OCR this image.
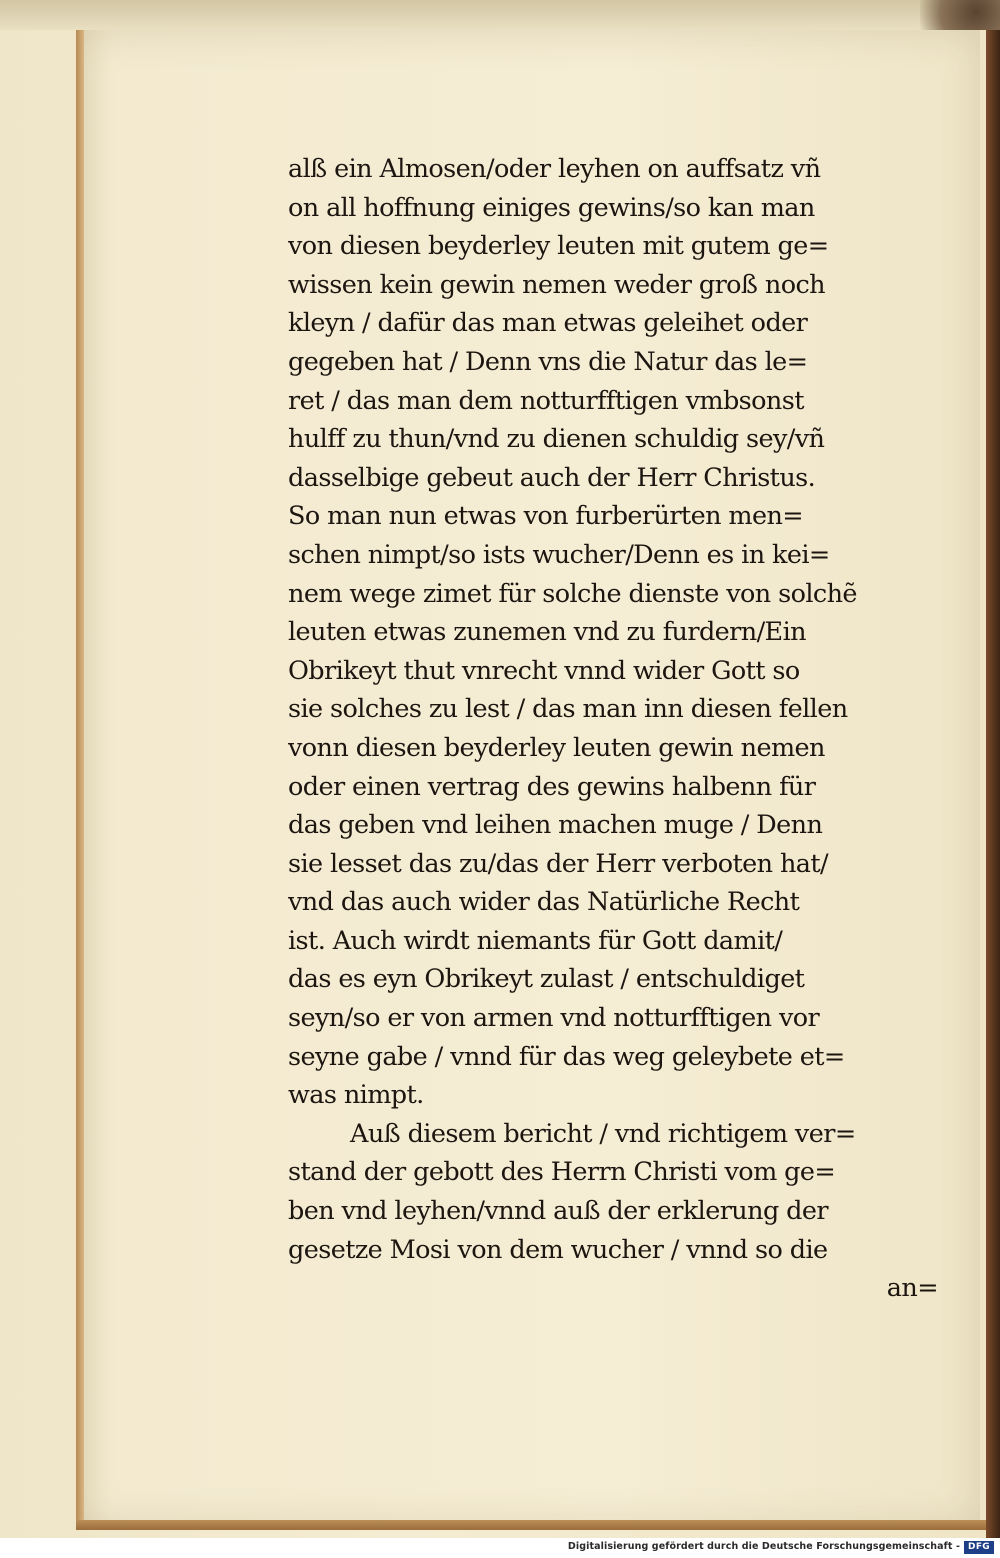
alß ein Almosen/oder leyhen on auffsatz vñ
on all hoffnung einiges gewins/so kan man
von diesen beyderley leuten mit gutem ge=
wissen kein gewin nemen weder groß noch
kleyn / dafür das man etwas geleihet oder
gegeben hat / Denn vns die Natur das le=
ret / das man dem notturfftigen vmbsonst
hulff zu thun/vnd zu dienen schuldig sey/vñ
dasselbige gebeut auch der Herr Christus.
So man nun etwas von furberürten men=
schen nimpt/so ists wucher/Denn es in kei=
nem wege zimet für solche dienste von solchẽ
leuten etwas zunemen vnd zu furdern/Ein
Obrikeyt thut vnrecht vnnd wider Gott so
sie solches zu lest / das man inn diesen fellen
vonn diesen beyderley leuten gewin nemen
oder einen vertrag des gewins halbenn für
das geben vnd leihen machen muge / Denn
sie lesset das zu/das der Herr verboten hat/
vnd das auch wider das Natürliche Recht
ist. Auch wirdt niemants für Gott damit/
das es eyn Obrikeyt zulast / entschuldiget
seyn/so er von armen vnd notturfftigen vor
seyne gabe / vnnd für das weg geleybete et=
was nimpt.
Auß diesem bericht / vnd richtigem ver=
stand der gebott des Herrn Christi vom ge=
ben vnd leyhen/vnnd auß der erklerung der
gesetze Mosi von dem wucher / vnnd so die
an=
Digitalisierung gefördert durch die Deutsche Forschungsgemeinschaft - DFG
